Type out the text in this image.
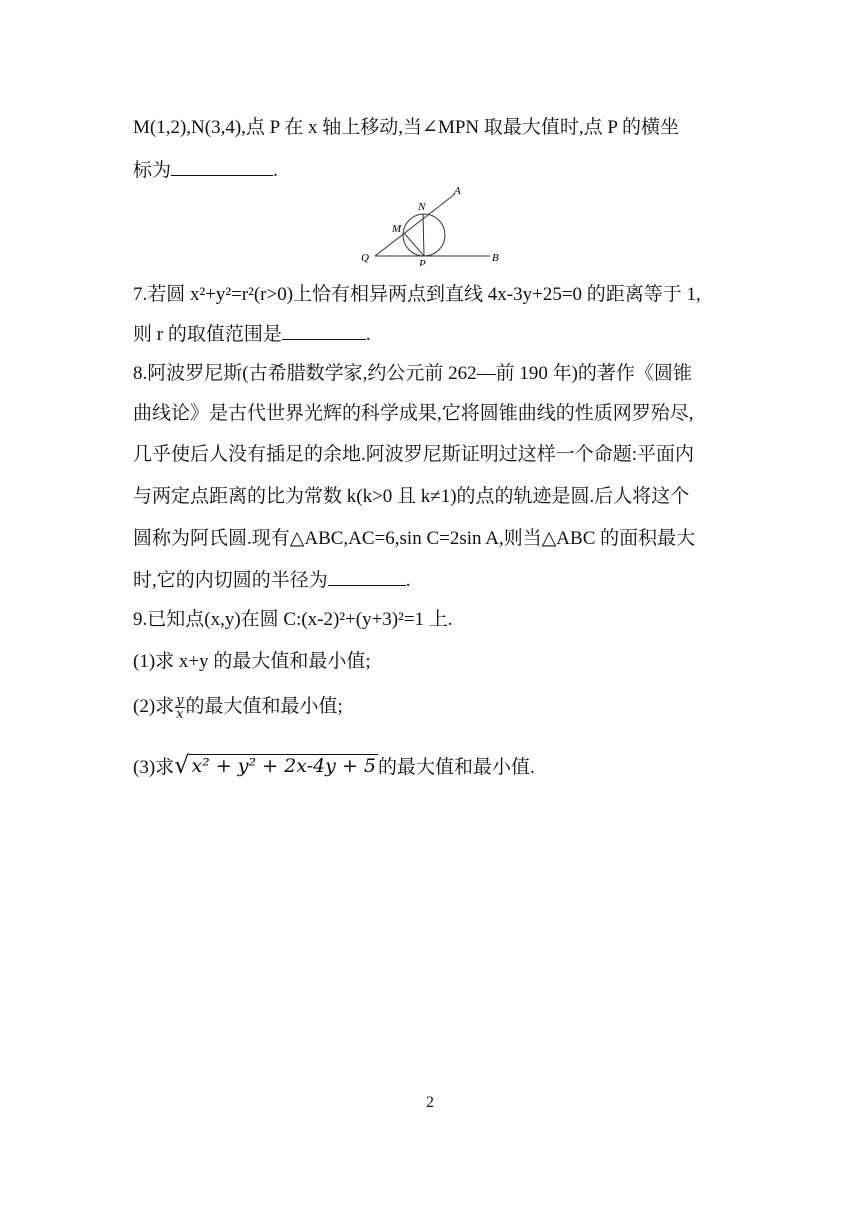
M(1,2),N(3,4),点 P 在 x 轴上移动,当∠MPN 取最大值时,点 P 的横坐
标为	.
A
N
M
Q	P	B
7.若圆 x²+y²=r²(r>0)上恰有相异两点到直线 4x-3y+25=0 的距离等于 1,
则 r 的取值范围是	.
8.阿波罗尼斯(古希腊数学家,约公元前 262—前 190 年)的著作《圆锥
曲线论》是古代世界光辉的科学成果,它将圆锥曲线的性质网罗殆尽,
几乎使后人没有插足的余地.阿波罗尼斯证明过这样一个命题:平面内
与两定点距离的比为常数 k(k>0 且 k≠1)的点的轨迹是圆.后人将这个
圆称为阿氏圆.现有△ABC,AC=6,sin C=2sin A,则当△ABC 的面积最大
时,它的内切圆的半径为	.
9.已知点(x,y)在圆 C:(x-2)²+(y+3)²=1 上.
(1)求 x+y 的最大值和最小值;
(2)求 $\frac{y}{x}$ 的最大值和最小值;
(3)求 √ x² + y² + 2x-4y + 5 的最大值和最小值.
2
